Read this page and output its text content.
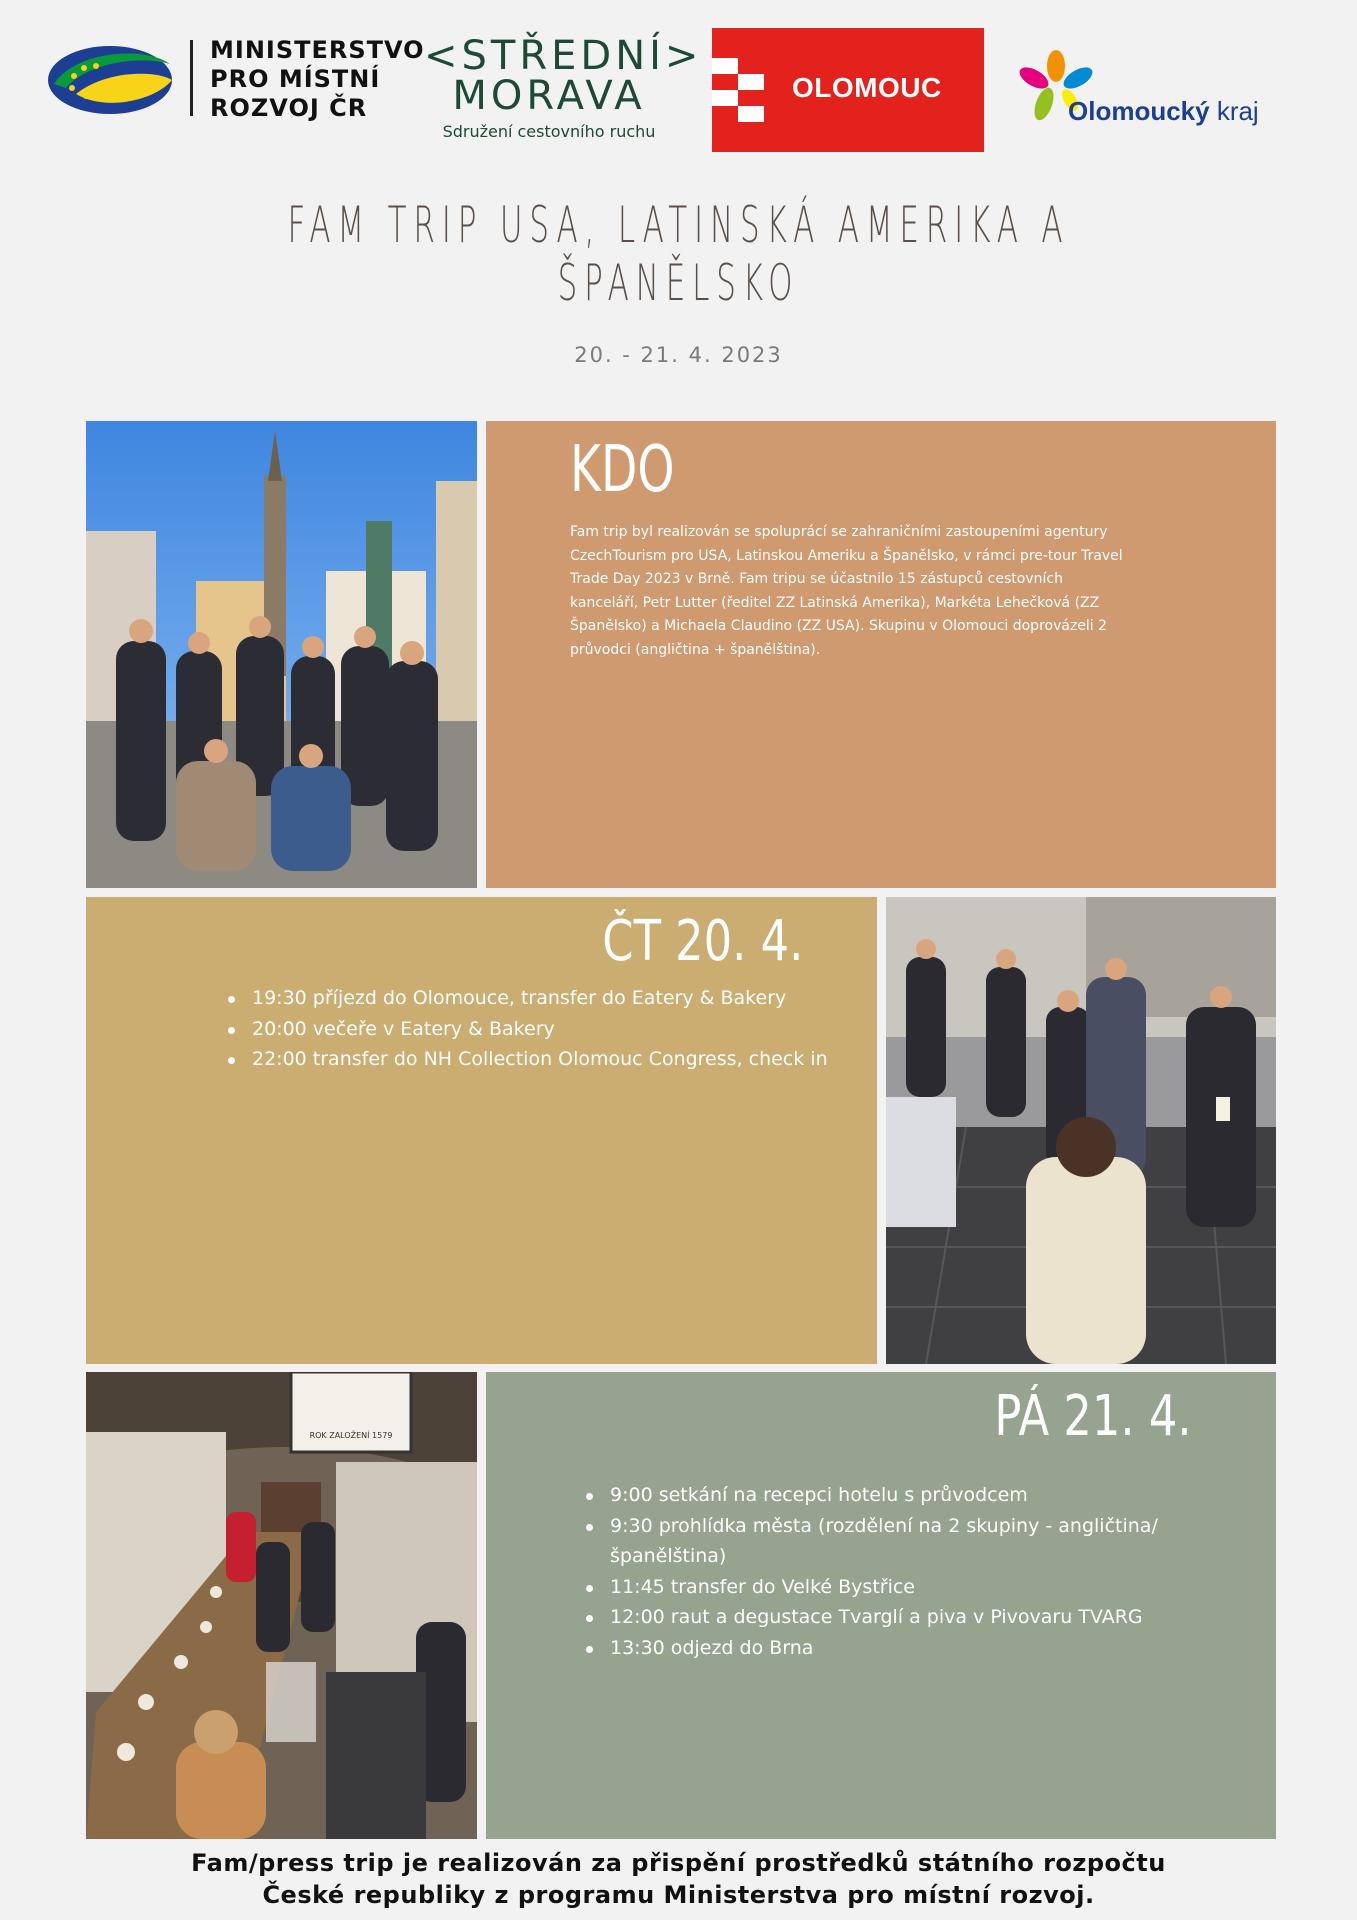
MINISTERSTVO
PRO MÍSTNÍ
ROZVOJ ČR
<STŘEDNÍ>
MORAVA
Sdružení cestovního ruchu
OLOMOUC
Olomoucký kraj
FAM TRIP USA, LATINSKÁ AMERIKA A ŠPANĚLSKO
20. - 21. 4. 2023
KDO

Fam trip byl realizován se spoluprácí se zahraničními zastoupeními agentury CzechTourism pro USA, Latinskou Ameriku a Španělsko, v rámci pre-tour Travel Trade Day 2023 v Brně. Fam tripu se účastnilo 15 zástupců cestovních kanceláří, Petr Lutter (ředitel ZZ Latinská Amerika), Markéta Lehečková (ZZ Španělsko) a Michaela Claudino (ZZ USA). Skupinu v Olomouci doprovázeli 2 průvodci (angličtina + španělština).

ČT 20. 4.
19:30 příjezd do Olomouce, transfer do Eatery & Bakery
20:00 večeře v Eatery & Bakery
22:00 transfer do NH Collection Olomouc Congress, check in
ROK ZALOŽENÍ 1579	PÁ 21. 4.
9:00 setkání na recepci hotelu s průvodcem
9:30 prohlídka města (rozdělení na 2 skupiny - angličtina/ španělština)
11:45 transfer do Velké Bystřice
12:00 raut a degustace Tvarglí a piva v Pivovaru TVARG
13:30 odjezd do Brna
Fam/press trip je realizován za přispění prostředků státního rozpočtu
České republiky z programu Ministerstva pro místní rozvoj.
